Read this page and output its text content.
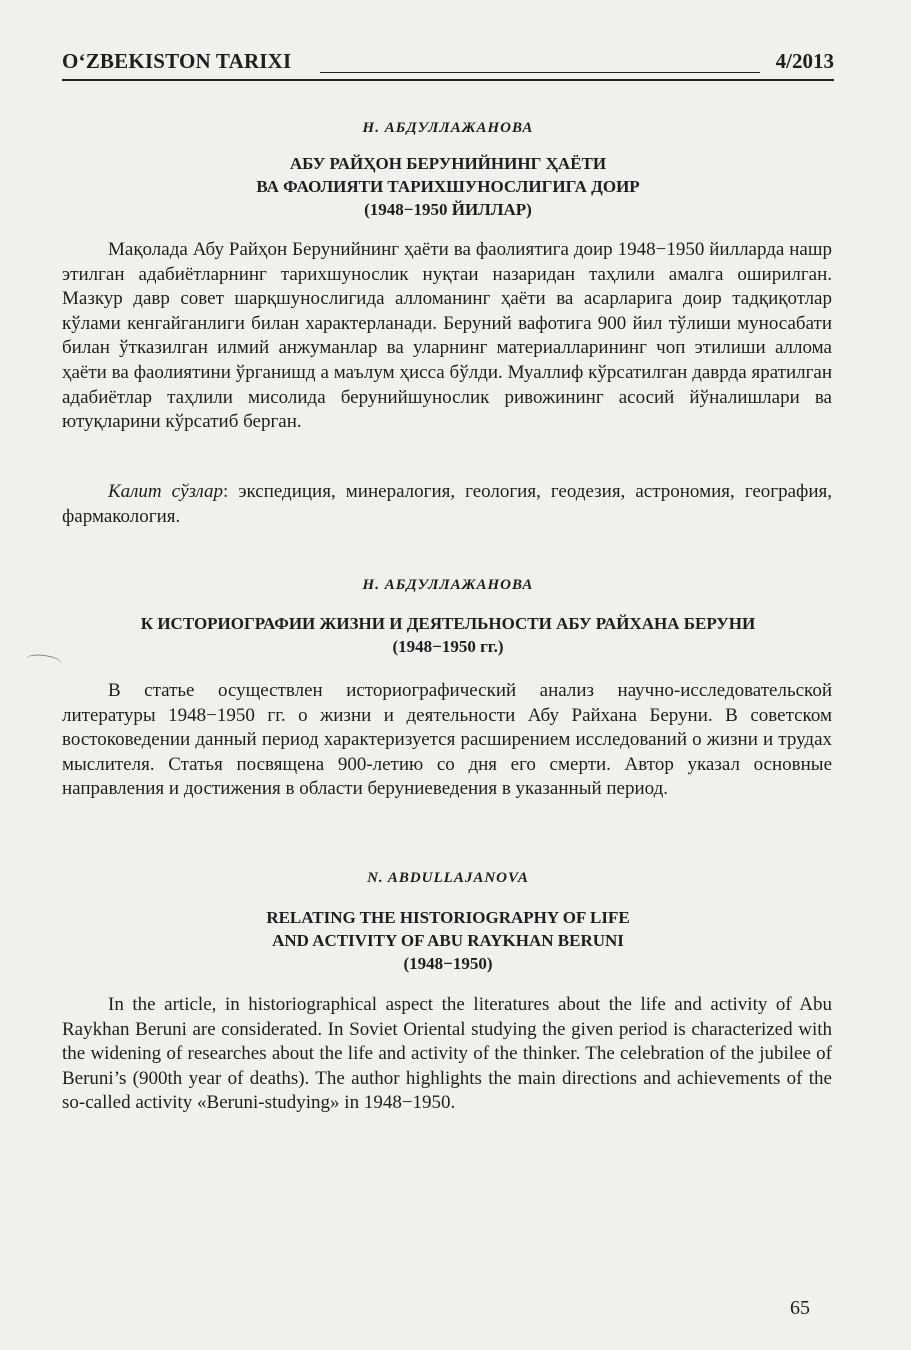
O‘ZBEKISTON TARIXI	4/2013
Н. АБДУЛЛАЖАНОВА
АБУ РАЙҲОН БЕРУНИЙНИНГ ҲАЁТИ
ВА ФАОЛИЯТИ ТАРИХШУНОСЛИГИГА ДОИР
(1948−1950 ЙИЛЛАР)

Мақолада Абу Райҳон Берунийнинг ҳаёти ва фаолиятига доир 1948−1950 йилларда нашр этилган адабиётларнинг тарихшунослик нуқтаи назаридан таҳлили амалга оширилган. Мазкур давр совет шарқшунослигида алломанинг ҳаёти ва асарларига доир тадқиқотлар кўлами кенгайганлиги билан характерланади. Беруний вафотига 900 йил тўлиши муносабати билан ўтказилган илмий анжуманлар ва уларнинг материалларининг чоп этилиши аллома ҳаёти ва фаолиятини ўрганишд а маълум ҳисса бўлди. Муаллиф кўрсатилган даврда яратилган адабиётлар таҳлили мисолида берунийшунослик ривожининг асосий йўналишлари ва ютуқларини кўрсатиб берган.

Калит сўзлар: экспедиция, минералогия, геология, геодезия, астрономия, география, фармакология.

Н. АБДУЛЛАЖАНОВА
К ИСТОРИОГРАФИИ ЖИЗНИ И ДЕЯТЕЛЬНОСТИ АБУ РАЙХАНА БЕРУНИ
(1948−1950 гг.)

В статье осуществлен историографический анализ научно-исследовательской литературы 1948−1950 гг. о жизни и деятельности Абу Райхана Беруни. В советском востоковедении данный период характеризуется расширением исследований о жизни и трудах мыслителя. Статья посвящена 900-летию со дня его смерти. Автор указал основные направления и достижения в области беруниеведения в указанный период.

N. ABDULLAJANOVA
RELATING THE HISTORIOGRAPHY OF LIFE
AND ACTIVITY OF ABU RAYKHAN BERUNI
(1948−1950)

In the article, in historiographical aspect the literatures about the life and activity of Abu Raykhan Beruni are considerated. In Soviet Oriental studying the given period is characterized with the widening of researches about the life and activity of the thinker. The celebration of the jubilee of Beruni’s (900th year of deaths). The author highlights the main directions and achievements of the so-called activity «Beruni-studying» in 1948−1950.

65
